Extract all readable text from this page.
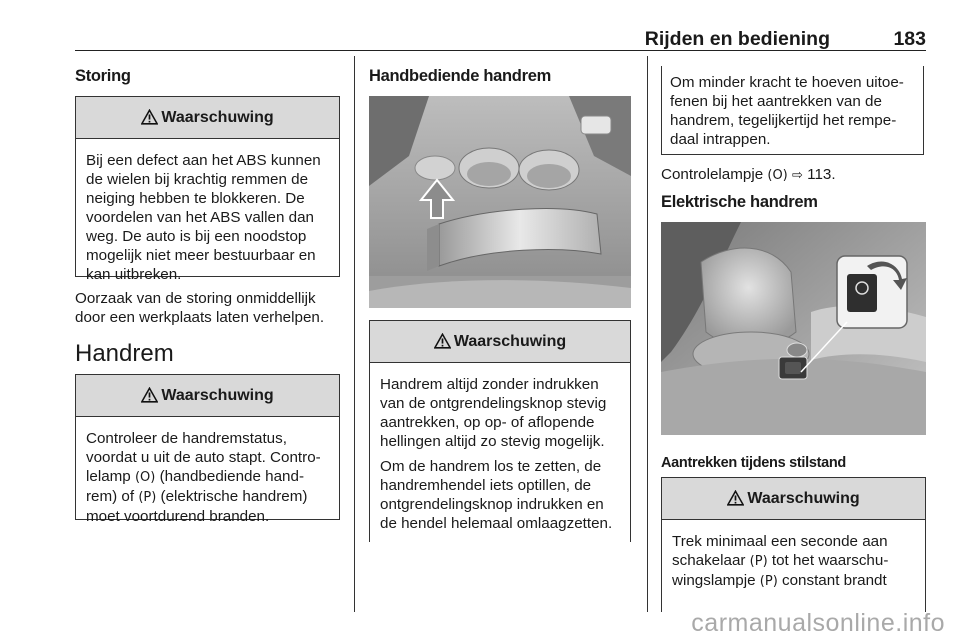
Rijden en bediening	183
Storing
Waarschuwing

Bij een defect aan het ABS kunnen de wielen bij krachtig remmen de neiging hebben te blokkeren. De voordelen van het ABS vallen dan weg. De auto is bij een noodstop mogelijk niet meer bestuurbaar en kan uitbreken.

Oorzaak van de storing onmiddellijk door een werkplaats laten verhelpen.
Handrem
Waarschuwing

Controleer de handremstatus, voordat u uit de auto stapt. Controlelamp (O) (handbediende handrem) of (P) (elektrische handrem) moet voortdurend branden.

Handbediende handrem
Waarschuwing

Handrem altijd zonder indrukken van de ontgrendelingsknop stevig aantrekken, op op- of aflopende hellingen altijd zo stevig mogelijk.

Om de handrem los te zetten, de handremhendel iets optillen, de ontgrendelingsknop indrukken en de hendel helemaal omlaagzetten.

Om minder kracht te hoeven uitoefenen bij het aantrekken van de handrem, tegelijkertijd het rempedaal intrappen.
Controlelampje (O) ⇨ 113.
Elektrische handrem
Aantrekken tijdens stilstand
Waarschuwing

Trek minimaal een seconde aan schakelaar (P) tot het waarschuwingslampje (P) constant brandt

carmanualsonline.info
